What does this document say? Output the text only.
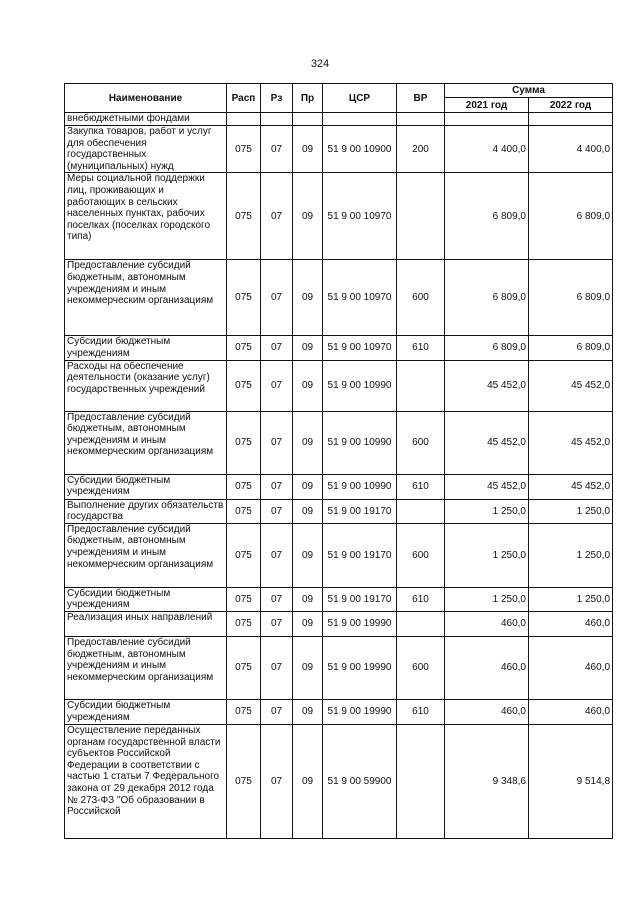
324
Наименование	Расп	Рз	Пр	ЦСР	ВР	Сумма	
						2021 год	2022 год
внебюджетными фондами							
Закупка товаров, работ и услуг для обеспечения государственных (муниципальных) нужд	075	07	09	51 9 00 10900	200	4 400,0	4 400,0
Меры социальной поддержки лиц, проживающих и работающих в сельских населенных пунктах, рабочих поселках (поселках городского типа)	075	07	09	51 9 00 10970		6 809,0	6 809,0
Предоставление субсидий бюджетным, автономным учреждениям и иным некоммерческим организациям	075	07	09	51 9 00 10970	600	6 809,0	6 809,0
Субсидии бюджетным учреждениям	075	07	09	51 9 00 10970	610	6 809,0	6 809,0
Расходы на обеспечение деятельности (оказание услуг) государственных учреждений	075	07	09	51 9 00 10990		45 452,0	45 452,0
Предоставление субсидий бюджетным, автономным учреждениям и иным некоммерческим организациям	075	07	09	51 9 00 10990	600	45 452,0	45 452,0
Субсидии бюджетным учреждениям	075	07	09	51 9 00 10990	610	45 452,0	45 452,0
Выполнение других обязательств государства	075	07	09	51 9 00 19170		1 250,0	1 250,0
Предоставление субсидий бюджетным, автономным учреждениям и иным некоммерческим организациям	075	07	09	51 9 00 19170	600	1 250,0	1 250,0
Субсидии бюджетным учреждениям	075	07	09	51 9 00 19170	610	1 250,0	1 250,0
Реализация иных направлений	075	07	09	51 9 00 19990		460,0	460,0
Предоставление субсидий бюджетным, автономным учреждениям и иным некоммерческим организациям	075	07	09	51 9 00 19990	600	460,0	460,0
Субсидии бюджетным учреждениям	075	07	09	51 9 00 19990	610	460,0	460,0
Осуществление переданных органам государственной власти субъектов Российской Федерации в соответствии с частью 1 статьи 7 Федерального закона от 29 декабря 2012 года № 273-ФЗ "Об образовании в Российской	075	07	09	51 9 00 59900		9 348,6	9 514,8
